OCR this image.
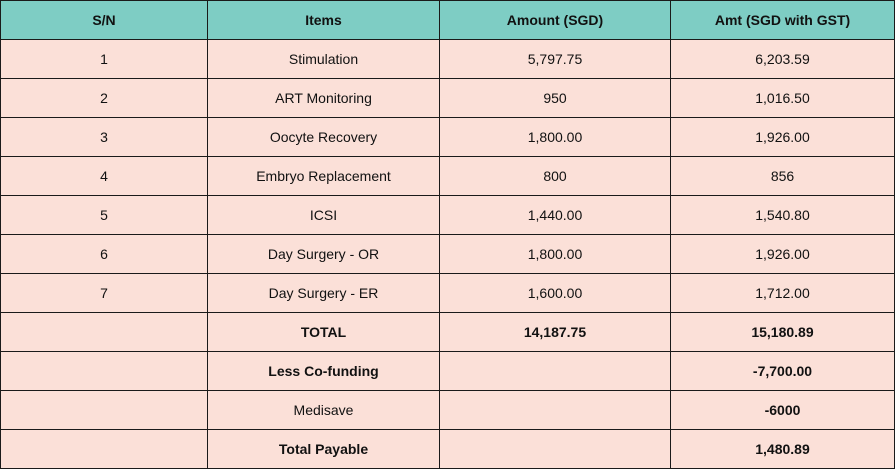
S/N	Items	Amount (SGD)	Amt (SGD with GST)
1	Stimulation	5,797.75	6,203.59
2	ART Monitoring	950	1,016.50
3	Oocyte Recovery	1,800.00	1,926.00
4	Embryo Replacement	800	856
5	ICSI	1,440.00	1,540.80
6	Day Surgery - OR	1,800.00	1,926.00
7	Day Surgery - ER	1,600.00	1,712.00
	TOTAL	14,187.75	15,180.89
	Less Co-funding		-7,700.00
	Medisave		-6000
	Total Payable		1,480.89
